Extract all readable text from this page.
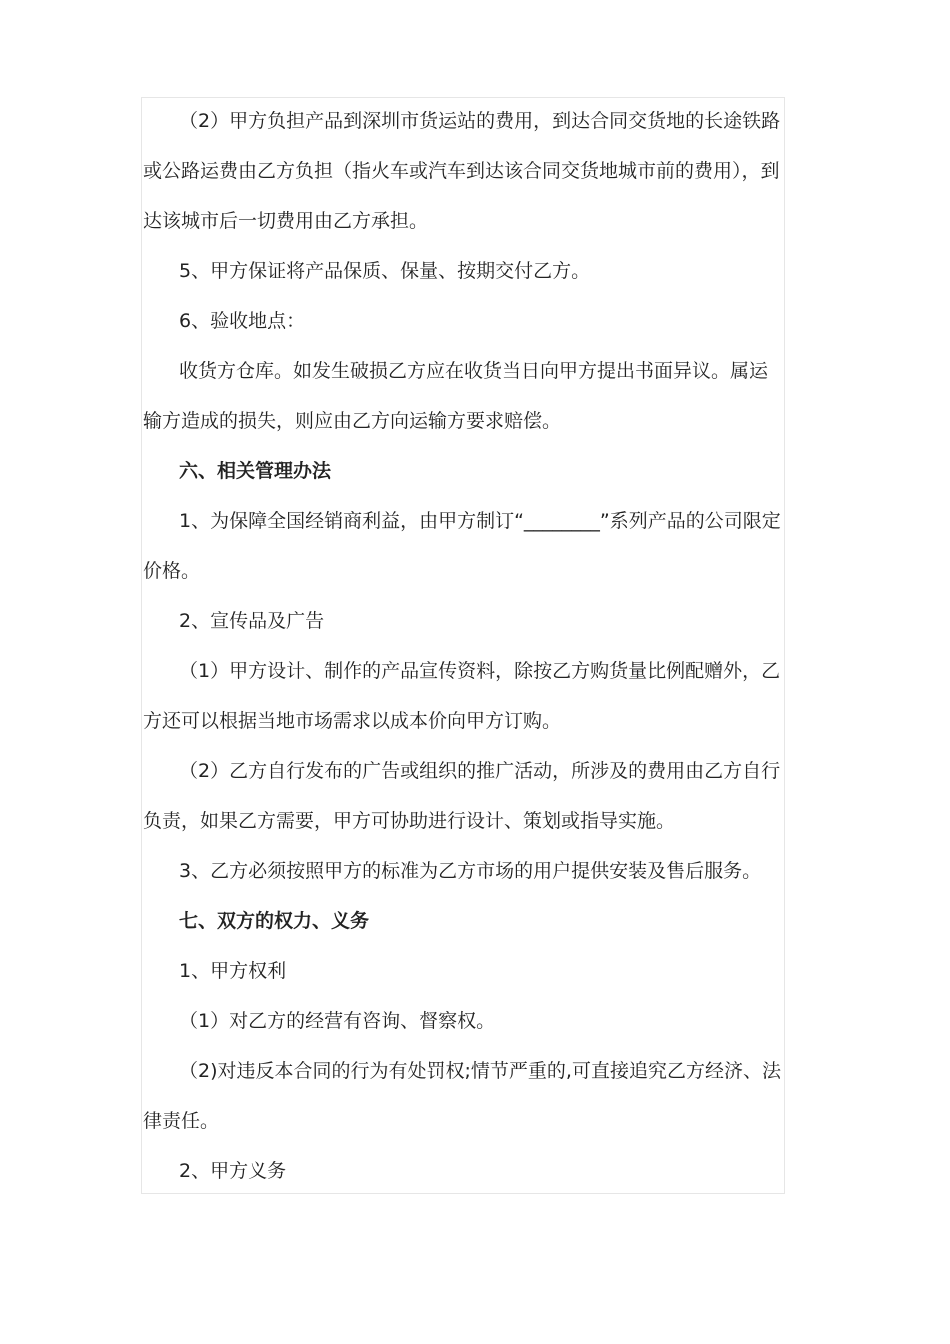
（2）甲方负担产品到深圳市货运站的费用，到达合同交货地的长途铁路或公路运费由乙方负担（指火车或汽车到达该合同交货地城市前的费用），到达该城市后一切费用由乙方承担。

5、甲方保证将产品保质、保量、按期交付乙方。

6、验收地点：

收货方仓库。如发生破损乙方应在收货当日向甲方提出书面异议。属运输方造成的损失，则应由乙方向运输方要求赔偿。

六、相关管理办法

1、为保障全国经销商利益，由甲方制订“________”系列产品的公司限定价格。

2、宣传品及广告

（1）甲方设计、制作的产品宣传资料，除按乙方购货量比例配赠外，乙方还可以根据当地市场需求以成本价向甲方订购。

（2）乙方自行发布的广告或组织的推广活动，所涉及的费用由乙方自行负责，如果乙方需要，甲方可协助进行设计、策划或指导实施。

3、乙方必须按照甲方的标准为乙方市场的用户提供安装及售后服务。

七、双方的权力、义务

1、甲方权利

（1）对乙方的经营有咨询、督察权。

（2)对违反本合同的行为有处罚权;情节严重的,可直接追究乙方经济、法律责任。

2、甲方义务
